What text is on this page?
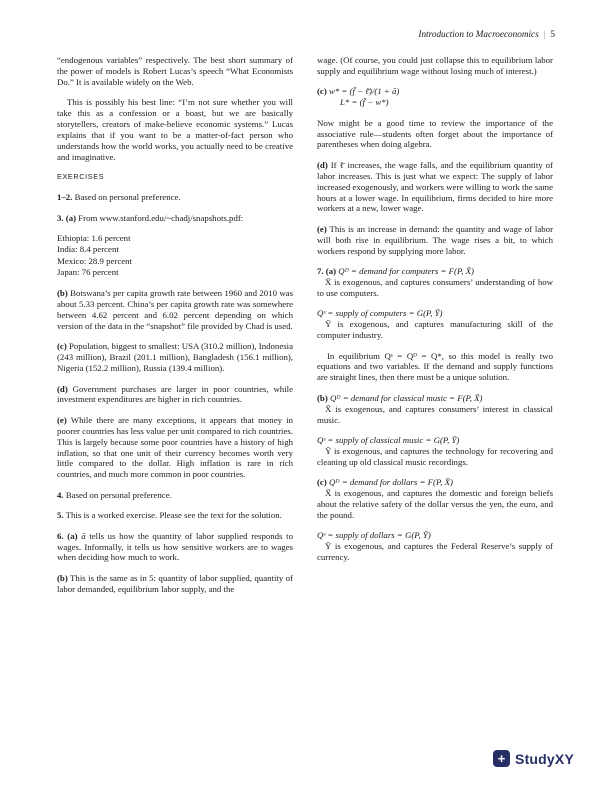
Introduction to Macroeconomics | 5

“endogenous variables” respectively. The best short summary of the power of models is Robert Lucas’s speech “What Economists Do.” It is available widely on the Web.

This is possibly his best line: “I’m not sure whether you will take this as a confession or a boast, but we are basically storytellers, creators of make-believe economic systems.” Lucas explains that if you want to be a matter-of-fact person who understands how the world works, you actually need to be creative and imaginative.

EXERCISES

1–2. Based on personal preference.

3. (a) From www.stanford.edu/~chadj/snapshots.pdf:

Ethiopia: 1.6 percent
India: 8.4 percent
Mexico: 28.9 percent
Japan: 76 percent

(b) Botswana’s per capita growth rate between 1960 and 2010 was about 5.33 percent. China’s per capita growth rate was somewhere between 4.62 percent and 6.02 percent depending on which version of the data in the “snapshot” file provided by Chad is used.

(c) Population, biggest to smallest: USA (310.2 million), Indonesia (243 million), Brazil (201.1 million), Bangladesh (156.1 million), Nigeria (152.2 million), Russia (139.4 million).

(d) Government purchases are larger in poor countries, while investment expenditures are higher in rich countries.

(e) While there are many exceptions, it appears that money in poorer countries has less value per unit compared to rich countries. This is largely because some poor countries have a history of high inflation, so that one unit of their currency becomes worth very little compared to the dollar. High inflation is rare in rich countries, and much more common in poor countries.

4. Based on personal preference.

5. This is a worked exercise. Please see the text for the solution.

6. (a) ā tells us how the quantity of labor supplied responds to wages. Informally, it tells us how sensitive workers are to wages when deciding how much to work.

(b) This is the same as in 5: quantity of labor supplied, quantity of labor demanded, equilibrium labor supply, and the

wage. (Of course, you could just collapse this to equilibrium labor supply and equilibrium wage without losing much of interest.)

(c) w* = (f̄ − ℓ̄)/(1 + ā)

L* = (f̄ − w*)

Now might be a good time to review the importance of the associative rule—students often forget about the importance of parentheses when doing algebra.

(d) If ℓ̄ increases, the wage falls, and the equilibrium quantity of labor increases. This is just what we expect: The supply of labor increased exogenously, and workers were willing to work the same hours at a lower wage. In equilibrium, firms decided to hire more workers at a new, lower wage.

(e) This is an increase in demand: the quantity and wage of labor will both rise in equilibrium. The wage rises a bit, to which workers respond by supplying more labor.

7. (a) Qᴰ = demand for computers = F(P, X̄)

X̄ is exogenous, and captures consumers’ understanding of how to use computers.

Qˢ = supply of computers = G(P, Ȳ)

Ȳ is exogenous, and captures manufacturing skill of the computer industry.

In equilibrium Qˢ = Qᴰ = Q*, so this model is really two equations and two variables. If the demand and supply functions are straight lines, then there must be a unique solution.

(b) Qᴰ = demand for classical music = F(P, X̄)

X̄ is exogenous, and captures consumers’ interest in classical music.

Qˢ = supply of classical music = G(P, Ȳ)

Ȳ is exogenous, and captures the technology for recovering and cleaning up old classical music recordings.

(c) Qᴰ = demand for dollars = F(P, X̄)

X̄ is exogenous, and captures the domestic and foreign beliefs about the relative safety of the dollar versus the yen, the euro, and the pound.

Qˢ = supply of dollars = G(P, Ȳ)

Ȳ is exogenous, and captures the Federal Reserve’s supply of currency.

+ StudyXY
